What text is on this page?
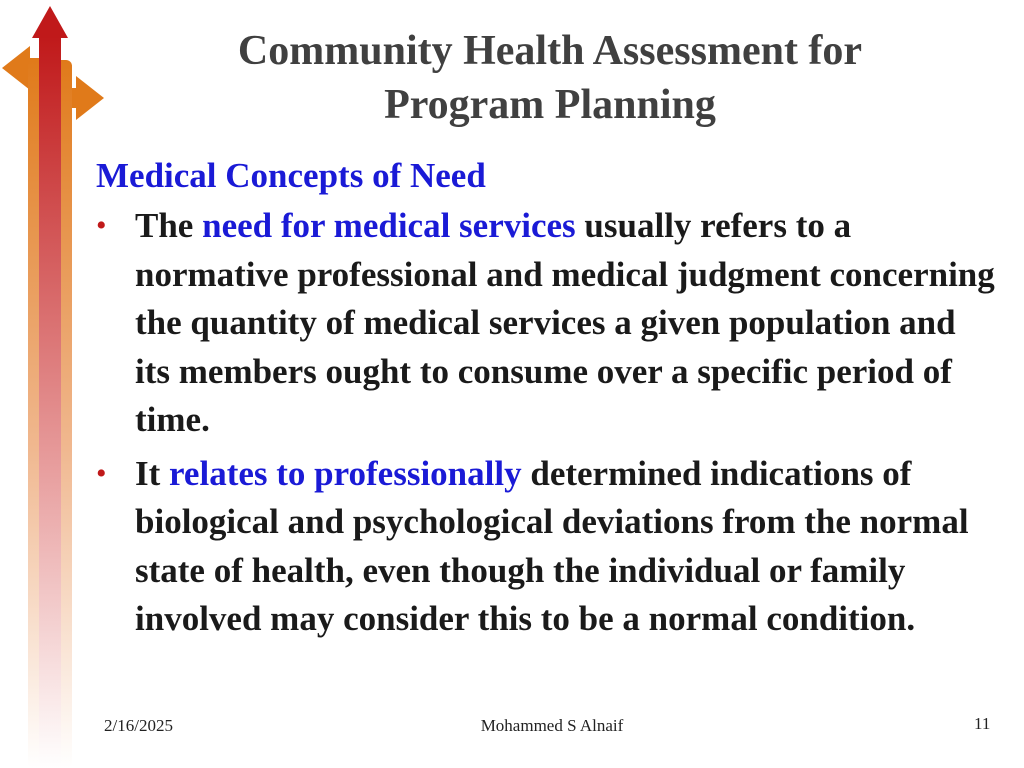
Community Health Assessment for
Program Planning
Medical Concepts of Need
• The need for medical services usually refers to a normative professional and medical judgment concerning the quantity of medical services a given population and its members ought to consume over a specific period of time.
• It relates to professionally determined indications of biological and psychological deviations from the normal state of health, even though the individual or family involved may consider this to be a normal condition.
2/16/2025	Mohammed S Alnaif	11
